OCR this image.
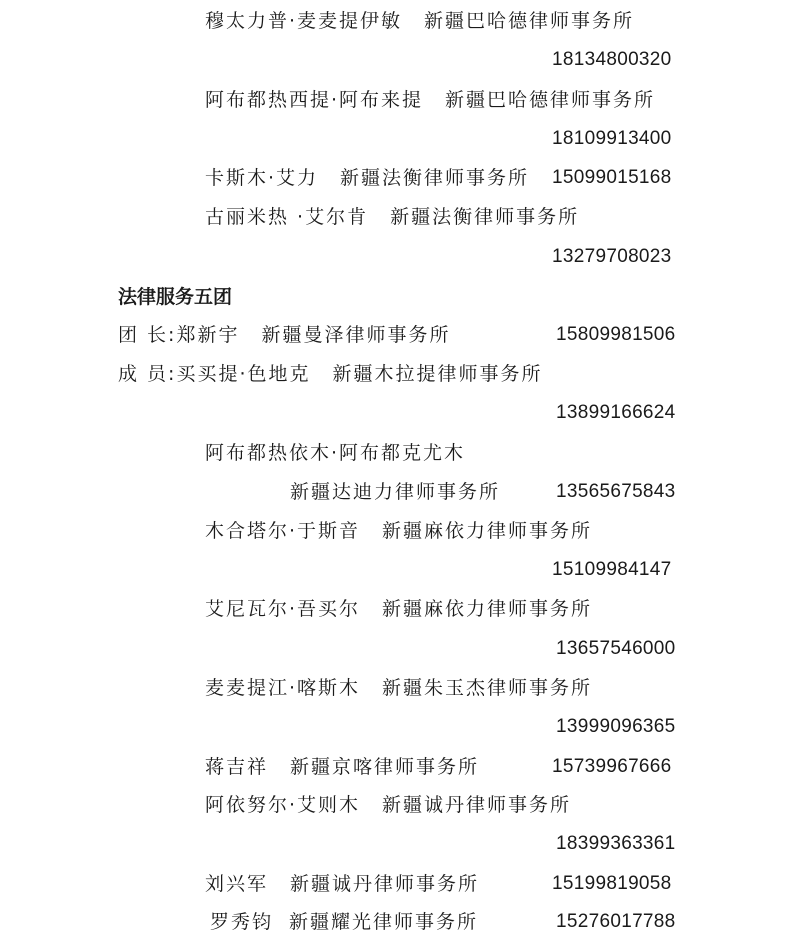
穆太力普·麦麦提伊敏 新疆巴哈德律师事务所
18134800320
阿布都热西提·阿布来提 新疆巴哈德律师事务所
18109913400
卡斯木·艾力 新疆法衡律师事务所 15099015168
古丽米热 ·艾尔肯 新疆法衡律师事务所
13279708023
法律服务五团
团 长:郑新宇 新疆曼泽律师事务所	15809981506
成 员:买买提·色地克 新疆木拉提律师事务所
13899166624
阿布都热依木·阿布都克尤木
新疆达迪力律师事务所	13565675843
木合塔尔·于斯音 新疆麻依力律师事务所
15109984147
艾尼瓦尔·吾买尔 新疆麻依力律师事务所
13657546000
麦麦提江·喀斯木 新疆朱玉杰律师事务所
13999096365
蒋吉祥 新疆京喀律师事务所	15739967666
阿依努尔·艾则木 新疆诚丹律师事务所
18399363361
刘兴军 新疆诚丹律师事务所	15199819058
罗秀钧 新疆耀光律师事务所	15276017788
